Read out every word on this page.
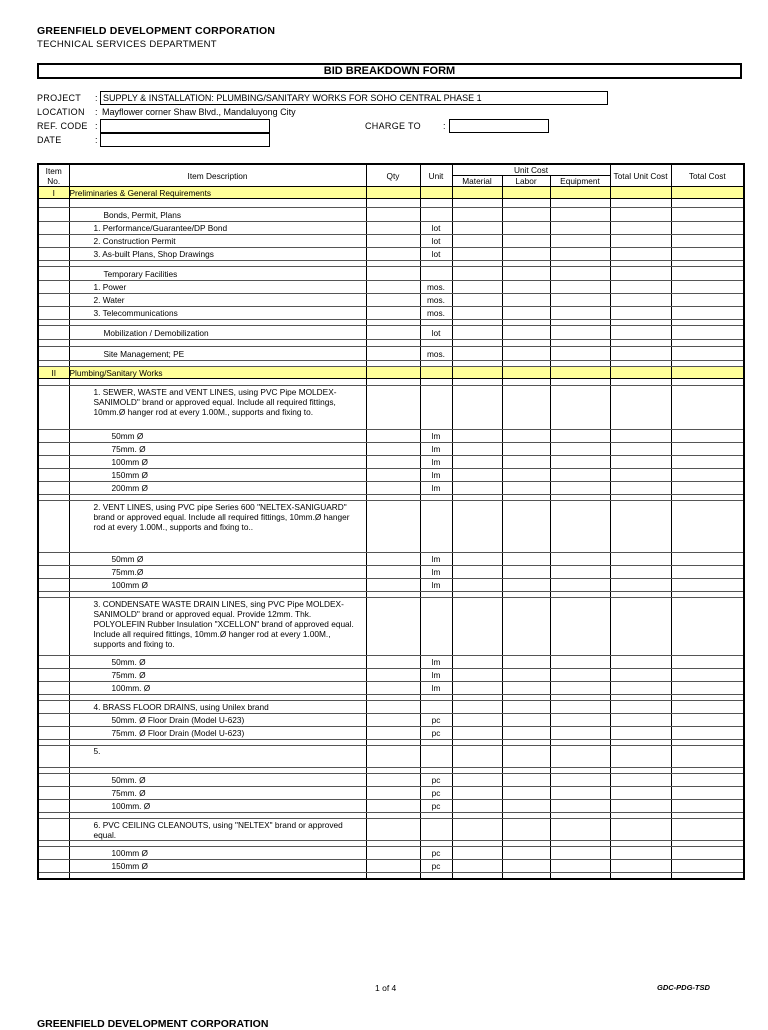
GREENFIELD DEVELOPMENT CORPORATION
TECHNICAL SERVICES DEPARTMENT
BID BREAKDOWN FORM
PROJECT : SUPPLY & INSTALLATION: PLUMBING/SANITARY WORKS FOR SOHO CENTRAL PHASE 1
LOCATION : Mayflower corner Shaw Blvd., Mandaluyong City
REF. CODE :	CHARGE TO :
DATE	:
Item No.	Item Description	Qty	Unit	Unit Cost			Total Unit Cost	Total Cost
				Material	Labor	Equipment		
I	Preliminaries & General Requirements							

	Bonds, Permit, Plans							
	1. Performance/Guarantee/DP Bond		lot					
	2. Construction Permit		lot					
	3. As-built Plans, Shop Drawings		lot					

	Temporary Facilities							
	1. Power		mos.					
	2. Water		mos.					
	3. Telecommunications		mos.					

	Mobilization / Demobilization		lot					

	Site Management; PE		mos.					

II	Plumbing/Sanitary Works							

	1. SEWER, WASTE and VENT LINES, using PVC Pipe MOLDEX-SANIMOLD" brand or approved equal. Include all required fittings, 10mm.Ø hanger rod at every 1.00M., supports and fixing to.							
	50mm Ø		lm					
	75mm. Ø		lm					
	100mm Ø		lm					
	150mm Ø		lm					
	200mm Ø		lm					

	2. VENT LINES, using PVC pipe Series 600 "NELTEX-SANIGUARD" brand or approved equal. Include all required fittings, 10mm.Ø hanger rod at every 1.00M., supports and fixing to..							
	50mm Ø		lm					
	75mm.Ø		lm					
	100mm Ø		lm					

	3. CONDENSATE WASTE DRAIN LINES, sing PVC Pipe MOLDEX-SANIMOLD" brand or approved equal. Provide 12mm. Thk. POLYOLEFIN Rubber Insulation "XCELLON" brand of approved equal. Include all required fittings, 10mm.Ø hanger rod at every 1.00M., supports and fixing to.							
	50mm. Ø		lm					
	75mm. Ø		lm					
	100mm. Ø		lm					

	4. BRASS FLOOR DRAINS, using Unilex brand							
	50mm. Ø Floor Drain (Model U-623)		pc					
	75mm. Ø Floor Drain (Model U-623)		pc					

	5.							

	50mm. Ø		pc					
	75mm. Ø		pc					
	100mm. Ø		pc					

	6. PVC CEILING CLEANOUTS, using "NELTEX" brand or approved equal.							

	100mm Ø		pc					
	150mm Ø		pc					

1 of 4	GDC-PDG-TSD
GREENFIELD DEVELOPMENT CORPORATION
